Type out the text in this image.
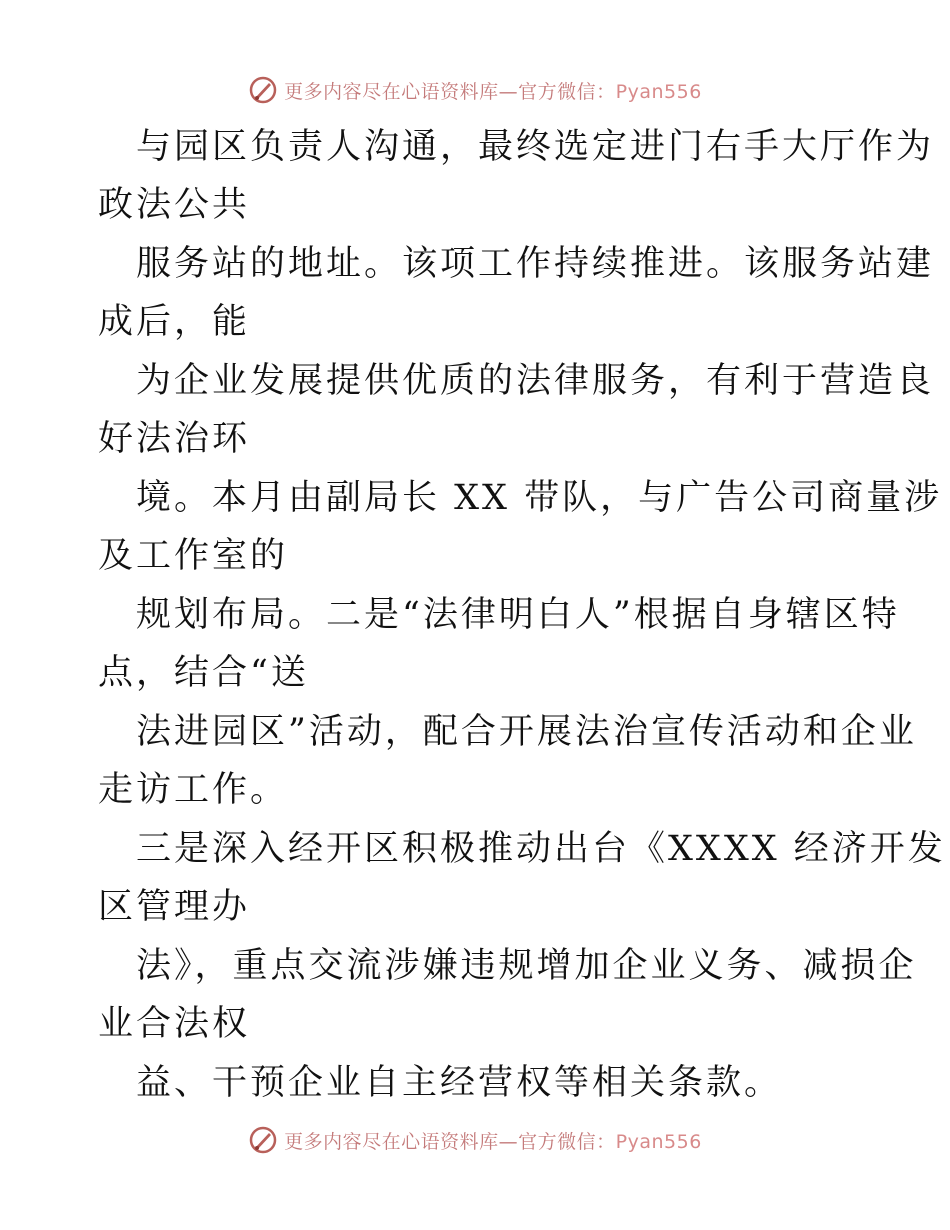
更多内容尽在心语资料库—官方微信：Pyan556
与园区负责人沟通，最终选定进门右手大厅作为
政法公共
服务站的地址。该项工作持续推进。该服务站建
成后，能
为企业发展提供优质的法律服务，有利于营造良
好法治环
境。本月由副局长 XX 带队，与广告公司商量涉
及工作室的
规划布局。二是“法律明白人”根据自身辖区特
点，结合“送
法进园区”活动，配合开展法治宣传活动和企业
走访工作。
三是深入经开区积极推动出台《XXXX 经济开发
区管理办
法》，重点交流涉嫌违规增加企业义务、减损企
业合法权
益、干预企业自主经营权等相关条款。
更多内容尽在心语资料库—官方微信：Pyan556
